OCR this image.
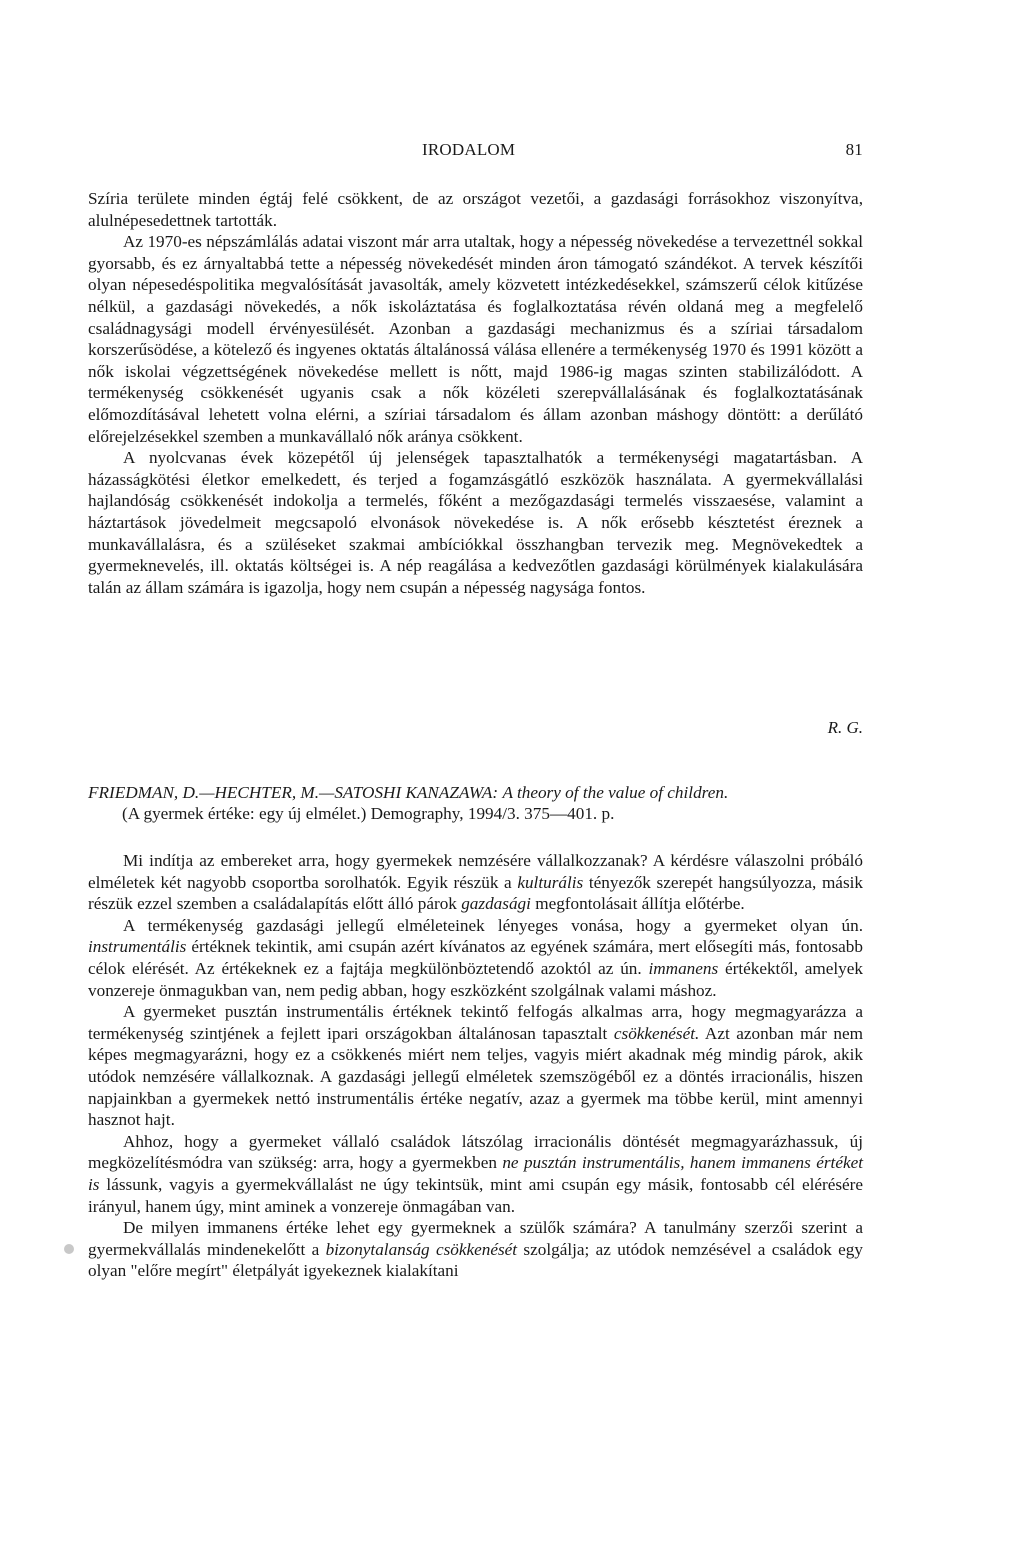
IRODALOM	81

Szíria területe minden égtáj felé csökkent, de az országot vezetői, a gazdasági forrásokhoz viszonyítva, alulnépesedettnek tartották.

Az 1970-es népszámlálás adatai viszont már arra utaltak, hogy a népesség növekedése a tervezettnél sokkal gyorsabb, és ez árnyaltabbá tette a népesség növekedését minden áron támogató szándékot. A tervek készítői olyan népesedéspolitika megvalósítását javasolták, amely közvetett intézkedésekkel, számszerű célok kitűzése nélkül, a gazdasági növekedés, a nők iskoláztatása és foglalkoztatása révén oldaná meg a megfelelő családnagysági modell érvényesülését. Azonban a gazdasági mechanizmus és a szíriai társadalom korszerűsödése, a kötelező és ingyenes oktatás általánossá válása ellenére a termékenység 1970 és 1991 között a nők iskolai végzettségének növekedése mellett is nőtt, majd 1986-ig magas szinten stabilizálódott. A termékenység csökkenését ugyanis csak a nők közéleti szerepvállalásának és foglalkoztatásának előmozdításával lehetett volna elérni, a szíriai társadalom és állam azonban máshogy döntött: a derűlátó előrejelzésekkel szemben a munkavállaló nők aránya csökkent.

A nyolcvanas évek közepétől új jelenségek tapasztalhatók a termékenységi magatartásban. A házasságkötési életkor emelkedett, és terjed a fogamzásgátló eszközök használata. A gyermekvállalási hajlandóság csökkenését indokolja a termelés, főként a mezőgazdasági termelés visszaesése, valamint a háztartások jövedelmeit megcsapoló elvonások növekedése is. A nők erősebb késztetést éreznek a munkavállalásra, és a szüléseket szakmai ambíciókkal összhangban tervezik meg. Megnövekedtek a gyermeknevelés, ill. oktatás költségei is. A nép reagálása a kedvezőtlen gazdasági körülmények kialakulására talán az állam számára is igazolja, hogy nem csupán a népesség nagysága fontos.

R. G.
FRIEDMAN, D.—HECHTER, M.—SATOSHI KANAZAWA: A theory of the value of children.
(A gyermek értéke: egy új elmélet.) Demography, 1994/3. 375—401. p.

Mi indítja az embereket arra, hogy gyermekek nemzésére vállalkozzanak? A kérdésre válaszolni próbáló elméletek két nagyobb csoportba sorolhatók. Egyik részük a kulturális tényezők szerepét hangsúlyozza, másik részük ezzel szemben a családalapítás előtt álló párok gazdasági megfontolásait állítja előtérbe.

A termékenység gazdasági jellegű elméleteinek lényeges vonása, hogy a gyermeket olyan ún. instrumentális értéknek tekintik, ami csupán azért kívánatos az egyének számára, mert elősegíti más, fontosabb célok elérését. Az értékeknek ez a fajtája megkülönböztetendő azoktól az ún. immanens értékektől, amelyek vonzereje önmagukban van, nem pedig abban, hogy eszközként szolgálnak valami máshoz.

A gyermeket pusztán instrumentális értéknek tekintő felfogás alkalmas arra, hogy megmagyarázza a termékenység szintjének a fejlett ipari országokban általánosan tapasztalt csökkenését. Azt azonban már nem képes megmagyarázni, hogy ez a csökkenés miért nem teljes, vagyis miért akadnak még mindig párok, akik utódok nemzésére vállalkoznak. A gazdasági jellegű elméletek szemszögéből ez a döntés irracionális, hiszen napjainkban a gyermekek nettó instrumentális értéke negatív, azaz a gyermek ma többe kerül, mint amennyi hasznot hajt.

Ahhoz, hogy a gyermeket vállaló családok látszólag irracionális döntését megmagyarázhassuk, új megközelítésmódra van szükség: arra, hogy a gyermekben ne pusztán instrumentális, hanem immanens értéket is lássunk, vagyis a gyermekvállalást ne úgy tekintsük, mint ami csupán egy másik, fontosabb cél elérésére irányul, hanem úgy, mint aminek a vonzereje önmagában van.

De milyen immanens értéke lehet egy gyermeknek a szülők számára? A tanulmány szerzői szerint a gyermekvállalás mindenekelőtt a bizonytalanság csökkenését szolgálja; az utódok nemzésével a családok egy olyan "előre megírt" életpályát igyekeznek kialakítani
